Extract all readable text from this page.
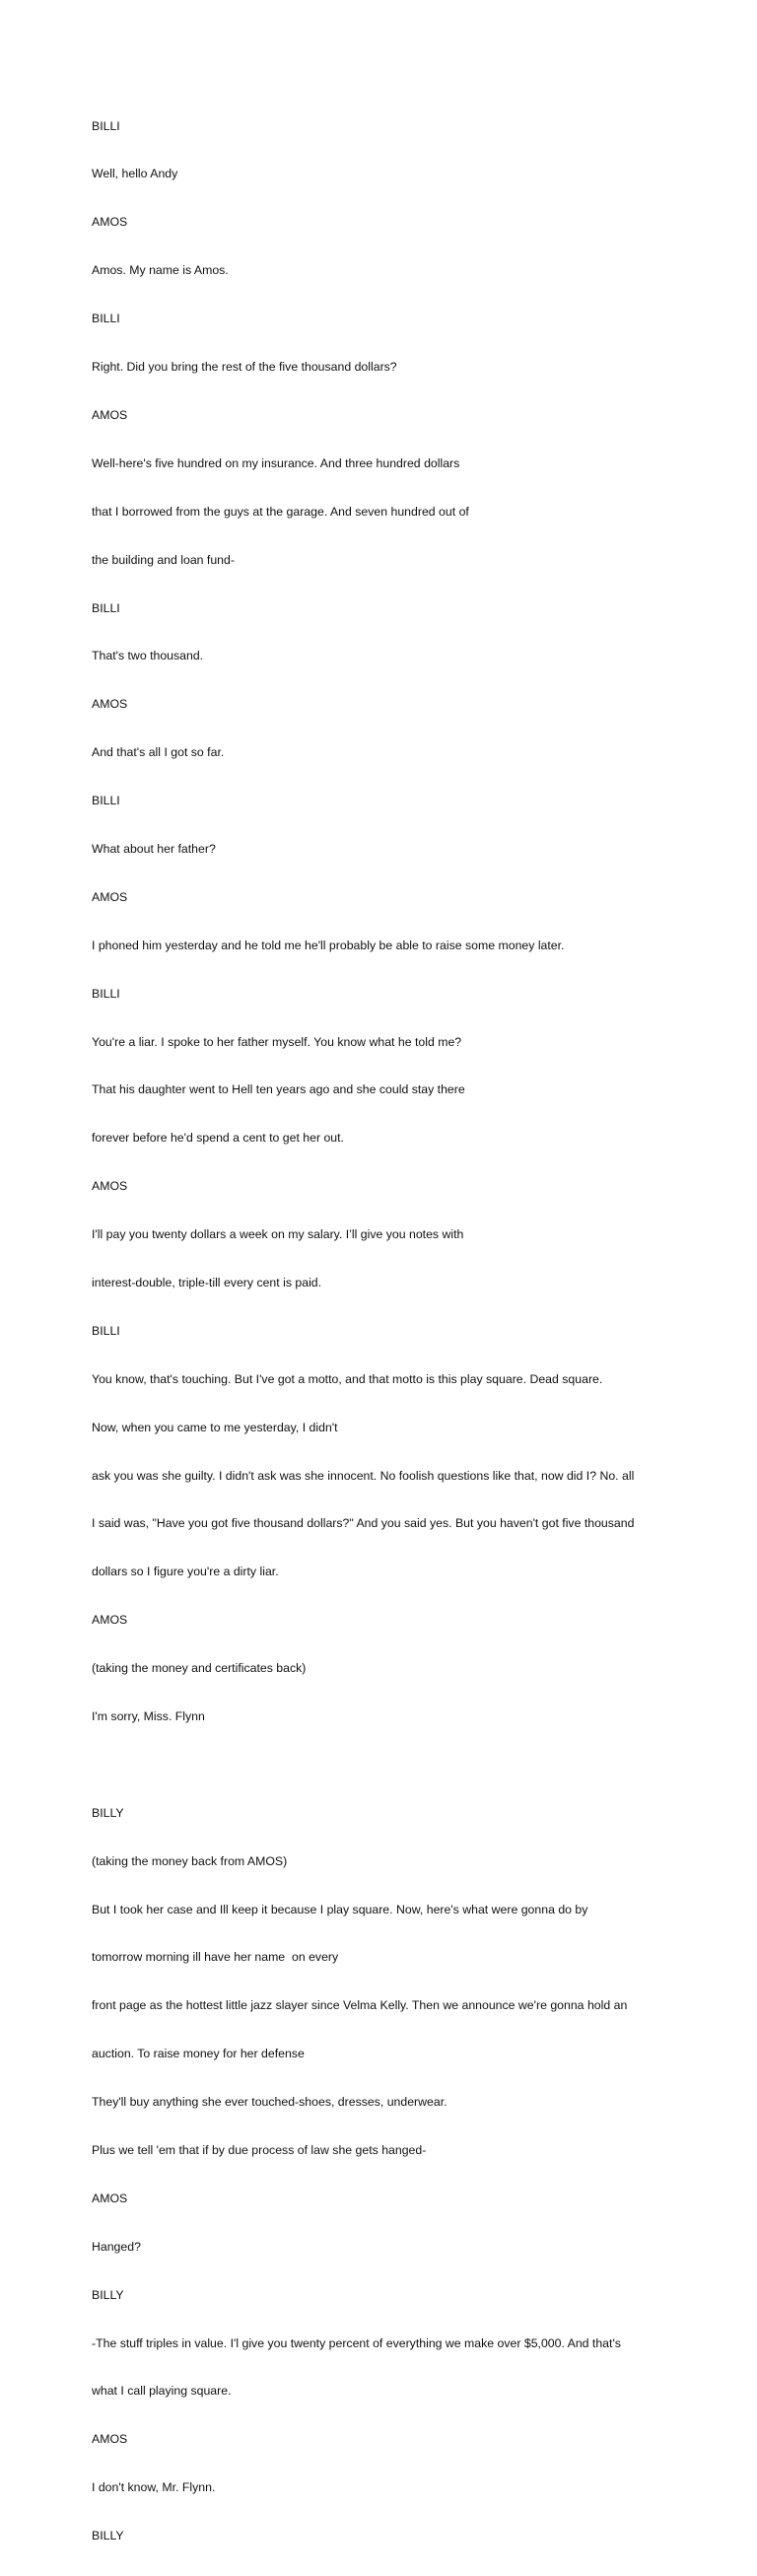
BILLI

Well, hello Andy

AMOS

Amos. My name is Amos.

BILLI

Right. Did you bring the rest of the five thousand dollars?

AMOS

Well-here's five hundred on my insurance. And three hundred dollars

that I borrowed from the guys at the garage. And seven hundred out of

the building and loan fund-

BILLI

That's two thousand.

AMOS

And that's all I got so far.

BILLI

What about her father?

AMOS

I phoned him yesterday and he told me he'll probably be able to raise some money later.

BILLI

You're a liar. I spoke to her father myself. You know what he told me?

That his daughter went to Hell ten years ago and she could stay there

forever before he'd spend a cent to get her out.

AMOS

I'll pay you twenty dollars a week on my salary. I’ll give you notes with

interest-double, triple-till every cent is paid.

BILLI

You know, that's touching. But I've got a motto, and that motto is this play square. Dead square.

Now, when you came to me yesterday, I didn't

ask you was she guilty. I didn't ask was she innocent. No foolish questions like that, now did I? No. all

I said was, "Have you got five thousand dollars?" And you said yes. But you haven't got five thousand

dollars so I figure you're a dirty liar.

AMOS

(taking the money and certificates back)

I'm sorry, Miss. Flynn

BILLY

(taking the money back from AMOS)

But I took her case and Ill keep it because I play square. Now, here's what were gonna do by

tomorrow morning ill have her name  on every

front page as the hottest little jazz slayer since Velma Kelly. Then we announce we're gonna hold an

auction. To raise money for her defense

They'll buy anything she ever touched-shoes, dresses, underwear.

Plus we tell 'em that if by due process of law she gets hanged-

AMOS

Hanged?

BILLY

-The stuff triples in value. I'l give you twenty percent of everything we make over $5,000. And that's

what I call playing square.

AMOS

I don't know, Mr. Flynn.

BILLY
